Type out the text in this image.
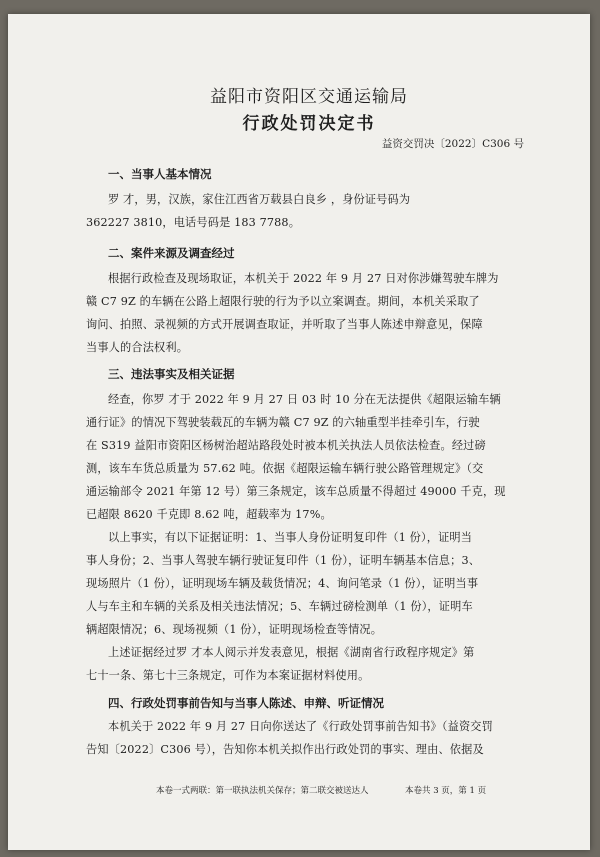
益阳市资阳区交通运输局
行政处罚决定书
益资交罚决〔2022〕C306 号

一、当事人基本情况

罗 才，男，汉族，家住江西省万载县白良乡 ，身份证号码为

362227 3810，电话号码是 183 7788。

二、案件来源及调查经过

根据行政检查及现场取证，本机关于 2022 年 9 月 27 日对你涉嫌驾驶车牌为

赣 C7 9Z 的车辆在公路上超限行驶的行为予以立案调查。期间，本机关采取了

询问、拍照、录视频的方式开展调查取证，并听取了当事人陈述申辩意见，保障

当事人的合法权利。

三、违法事实及相关证据

经查，你罗 才于 2022 年 9 月 27 日 03 时 10 分在无法提供《超限运输车辆

通行证》的情况下驾驶装载瓦的车辆为赣 C7 9Z 的六轴重型半挂牵引车，行驶

在 S319 益阳市资阳区杨树治超站路段处时被本机关执法人员依法检查。经过磅

测，该车车货总质量为 57.62 吨。依据《超限运输车辆行驶公路管理规定》（交

通运输部令 2021 年第 12 号）第三条规定，该车总质量不得超过 49000 千克，现

已超限 8620 千克即 8.62 吨，超载率为 17%。

以上事实，有以下证据证明：1、当事人身份证明复印件（1 份），证明当

事人身份；2、当事人驾驶车辆行驶证复印件（1 份），证明车辆基本信息；3、

现场照片（1 份），证明现场车辆及载货情况；4、询问笔录（1 份），证明当事

人与车主和车辆的关系及相关违法情况；5、车辆过磅检测单（1 份），证明车

辆超限情况；6、现场视频（1 份），证明现场检查等情况。

上述证据经过罗 才本人阅示并发表意见，根据《湖南省行政程序规定》第

七十一条、第七十三条规定，可作为本案证据材料使用。

四、行政处罚事前告知与当事人陈述、申辩、听证情况

本机关于 2022 年 9 月 27 日向你送达了《行政处罚事前告知书》（益资交罚

告知〔2022〕C306 号），告知你本机关拟作出行政处罚的事实、理由、依据及

本卷一式两联：第一联执法机关保存；第二联交被送达人	本卷共 3 页，第 1 页
